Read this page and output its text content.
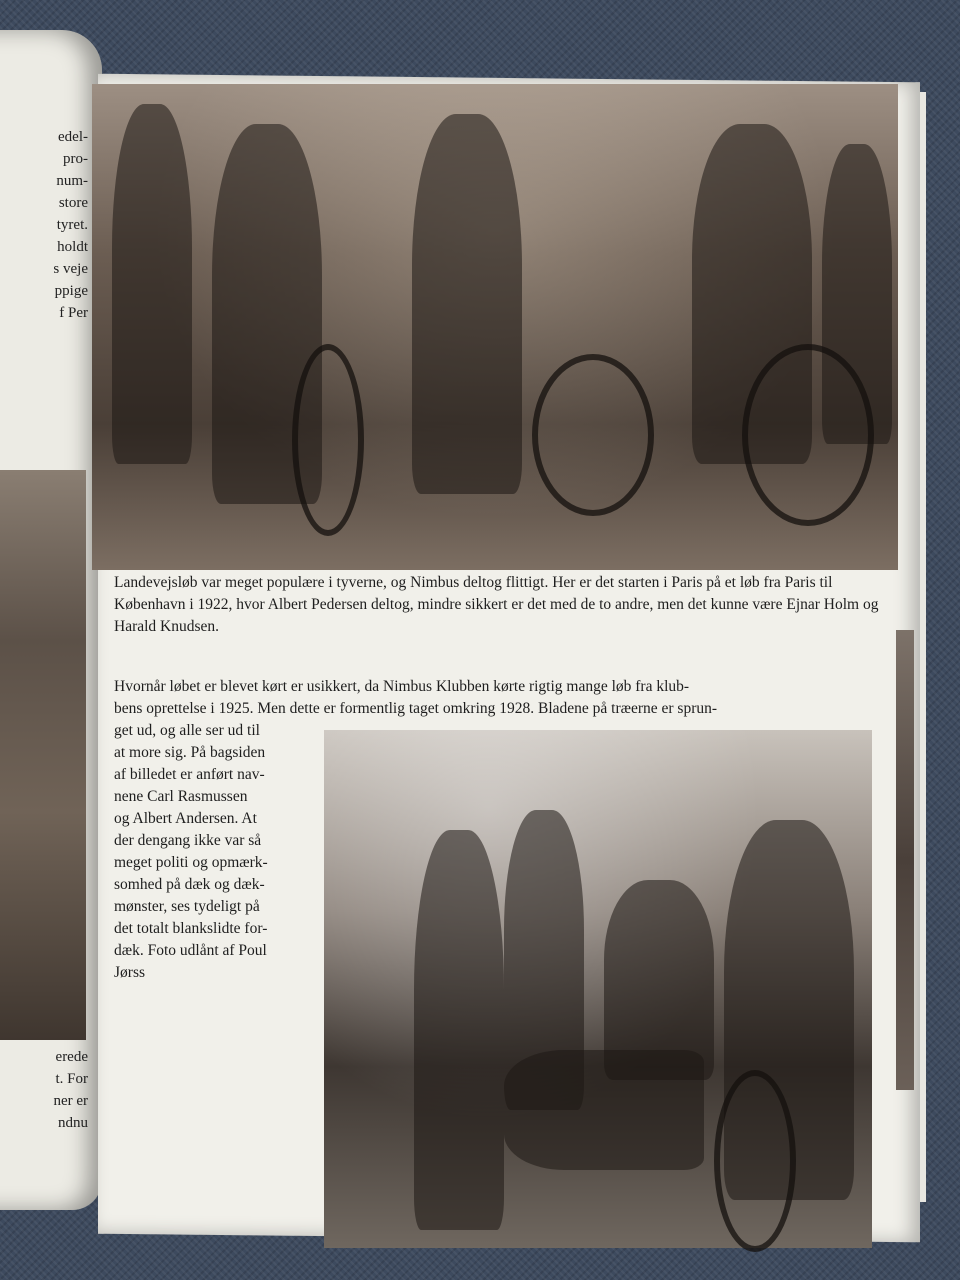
edel-
pro-
num-
store
tyret.
holdt
s veje
ppige
f Per
erede
t. For
ner er
ndnu
Landevejsløb var meget populære i tyverne, og Nimbus deltog flittigt. Her er det starten i Paris på et løb fra Paris til København i 1922, hvor Albert Pedersen deltog, mindre sikkert er det med de to andre, men det kunne være Ejnar Holm og Harald Knudsen.
Hvornår løbet er blevet kørt er usikkert, da Nimbus Klubben kørte rigtig mange løb fra klub-
bens oprettelse i 1925. Men dette er formentlig taget omkring 1928. Bladene på træerne er sprun-
get ud, og alle ser ud til
at more sig. På bagsiden
af billedet er anført nav-
nene Carl Rasmussen
og Albert Andersen. At
der dengang ikke var så
meget politi og opmærk-
somhed på dæk og dæk-
mønster, ses tydeligt på
det totalt blankslidte for-
dæk. Foto udlånt af Poul
Jørss
